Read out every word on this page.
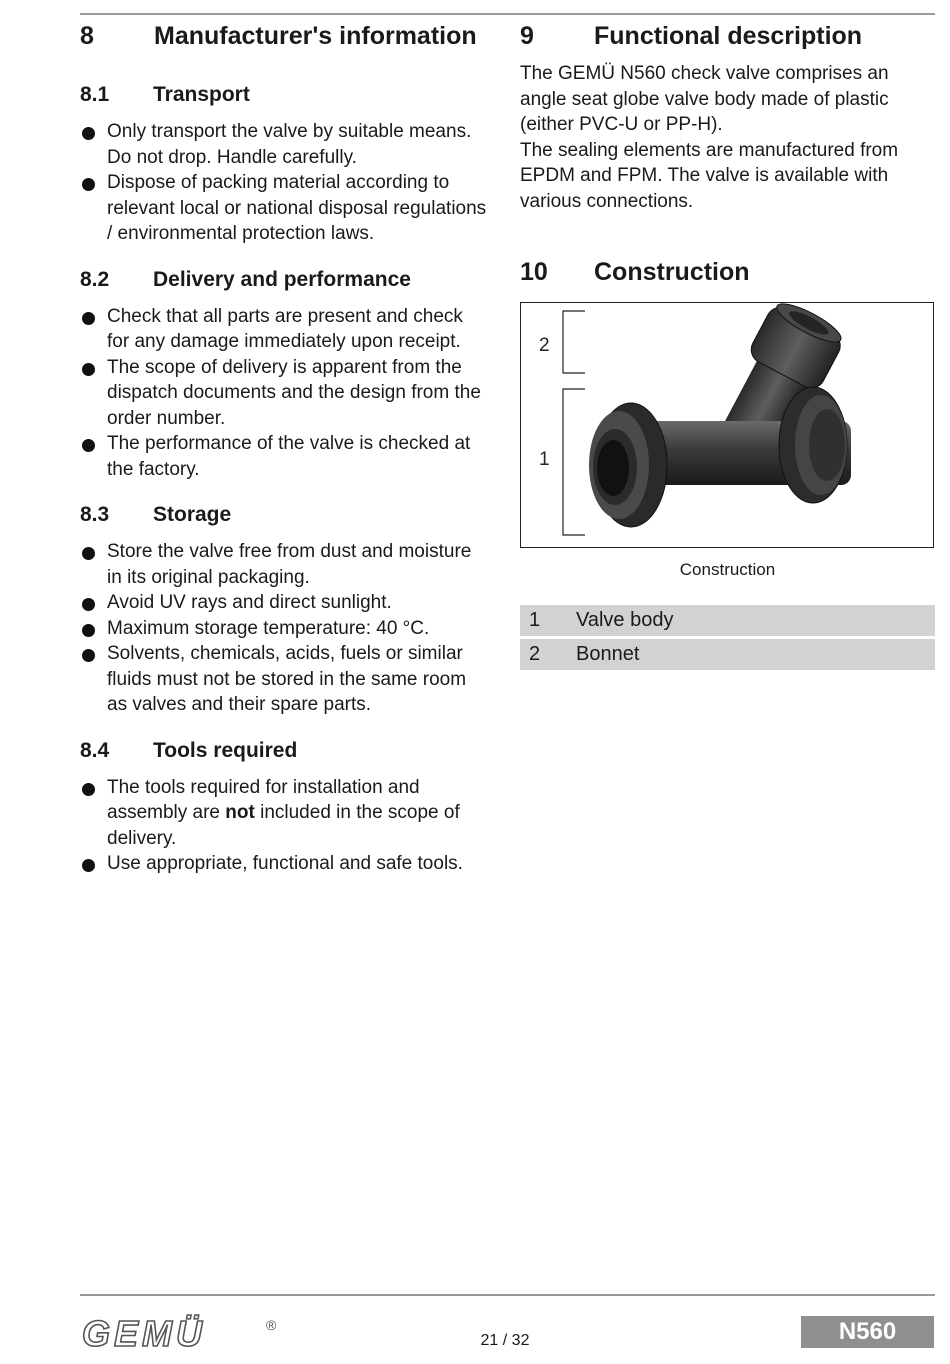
8	Manufacturer's information
8.1	Transport
Only transport the valve by suitable means. Do not drop. Handle carefully.
Dispose of packing material according to relevant local or national disposal regulations / environmental protection laws.
8.2	Delivery and performance
Check that all parts are present and check for any damage immediately upon receipt.
The scope of delivery is apparent from the dispatch documents and the design from the order number.
The performance of the valve is checked at the factory.
8.3	Storage
Store the valve free from dust and moisture in its original packaging.
Avoid UV rays and direct sunlight.
Maximum storage temperature: 40 °C.
Solvents, chemicals, acids, fuels or similar fluids must not be stored in the same room as valves and their spare parts.
8.4	Tools required
The tools required for installation and assembly are not included in the scope of delivery.
Use appropriate, functional and safe tools.
9	Functional description

The GEMÜ N560 check valve comprises an angle seat globe valve body made of plastic (either PVC-U or PP-H).

The sealing elements are manufactured from EPDM and FPM. The valve is available with various connections.

10	Construction
2
1
Construction
1	Valve body
2	Bonnet
GEMÜ	®
21 / 32	N560
